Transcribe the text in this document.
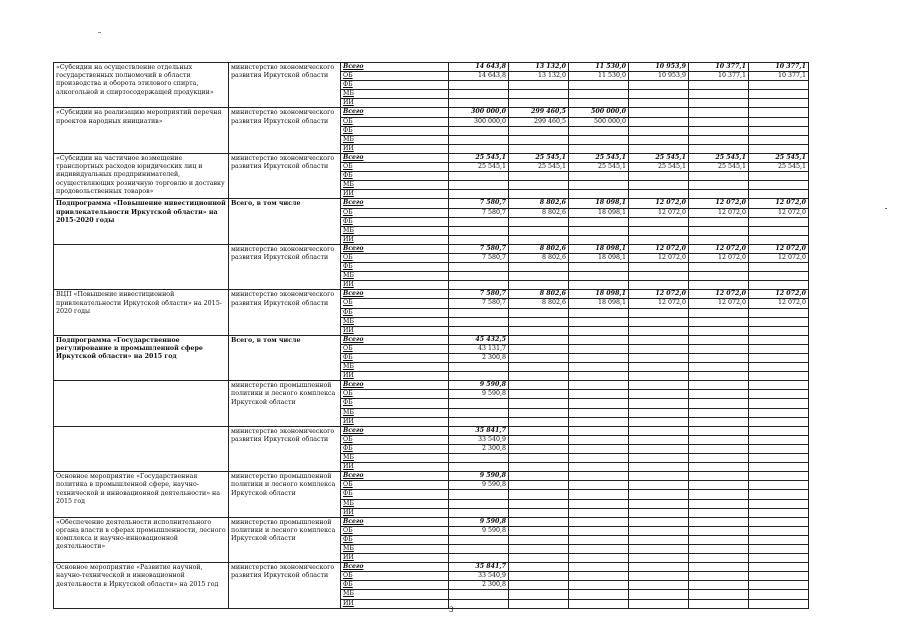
«Субсидии на осуществление отдельных государственных полномочий в области производства и оборота этилового спирта, алкогольной и спиртосодержащей продукции»	министерство экономического развития Иркутской области	Всего	14 643,8	13 132,0	11 530,0	10 953,9	10 377,1	10 377,1
		ОБ	14 643,8	13 132,0	11 530,0	10 953,9	10 377,1	10 377,1
		ФБ						
		МБ						
		ИИ						
«Субсидии на реализацию мероприятий перечня проектов народных инициатив»	министерство экономического развития Иркутской области	Всего	300 000,0	299 460,5	500 000,0			
		ОБ	300 000,0	299 460,5	500 000,0			
		ФБ						
		МБ						
		ИИ						
«Субсидии на частичное возмещение транспортных расходов юридических лиц и индивидуальных предпринимателей, осуществляющих розничную торговлю и доставку продовольственных товаров»	министерство экономического развития Иркутской области	Всего	25 545,1	25 545,1	25 545,1	25 545,1	25 545,1	25 545,1
		ОБ	25 545,1	25 545,1	25 545,1	25 545,1	25 545,1	25 545,1
		ФБ						
		МБ						
		ИИ						
Подпрограмма «Повышение инвестиционной привлекательности Иркутской области» на 2015-2020 годы	Всего, в том числе	Всего	7 580,7	8 802,6	18 098,1	12 072,0	12 072,0	12 072,0
		ОБ	7 580,7	8 802,6	18 098,1	12 072,0	12 072,0	12 072,0
		ФБ						
		МБ						
		ИИ						
	министерство экономического развития Иркутской области	Всего	7 580,7	8 802,6	18 098,1	12 072,0	12 072,0	12 072,0
		ОБ	7 580,7	8 802,6	18 098,1	12 072,0	12 072,0	12 072,0
		ФБ						
		МБ						
		ИИ						
ВЦП «Повышение инвестиционной привлекательности Иркутской области» на 2015-2020 годы	министерство экономического развития Иркутской области	Всего	7 580,7	8 802,6	18 098,1	12 072,0	12 072,0	12 072,0
		ОБ	7 580,7	8 802,6	18 098,1	12 072,0	12 072,0	12 072,0
		ФБ						
		МБ						
		ИИ						
Подпрограмма «Государственное регулирование в промышленной сфере Иркутской области» на 2015 год	Всего, в том числе	Всего	45 432,5					
		ОБ	43 131,7					
		ФБ	2 300,8					
		МБ						
		ИИ						
	министерство промышленной политики и лесного комплекса Иркутской области	Всего	9 590,8					
		ОБ	9 590,8					
		ФБ						
		МБ						
		ИИ						
	министерство экономического развития Иркутской области	Всего	35 841,7					
		ОБ	33 540,9					
		ФБ	2 300,8					
		МБ						
		ИИ						
Основное мероприятие «Государственная политика в промышленной сфере, научно-технической и инновационной деятельности» на 2015 год	министерство промышленной политики и лесного комплекса Иркутской области	Всего	9 590,8					
		ОБ	9 590,8					
		ФБ						
		МБ						
		ИИ						
«Обеспечение деятельности исполнительного органа власти в сферах промышленности, лесного комплекса и научно-инновационной деятельности»	министерство промышленной политики и лесного комплекса Иркутской области	Всего	9 590,8					
		ОБ	9 590,8					
		ФБ						
		МБ						
		ИИ						
Основное мероприятие «Развитие научной, научно-технической и инновационной деятельности в Иркутской области» на 2015 год	министерство экономического развития Иркутской области	Всего	35 841,7					
		ОБ	33 540,9					
		ФБ	2 300,8					
		МБ						
		ИИ						
3
